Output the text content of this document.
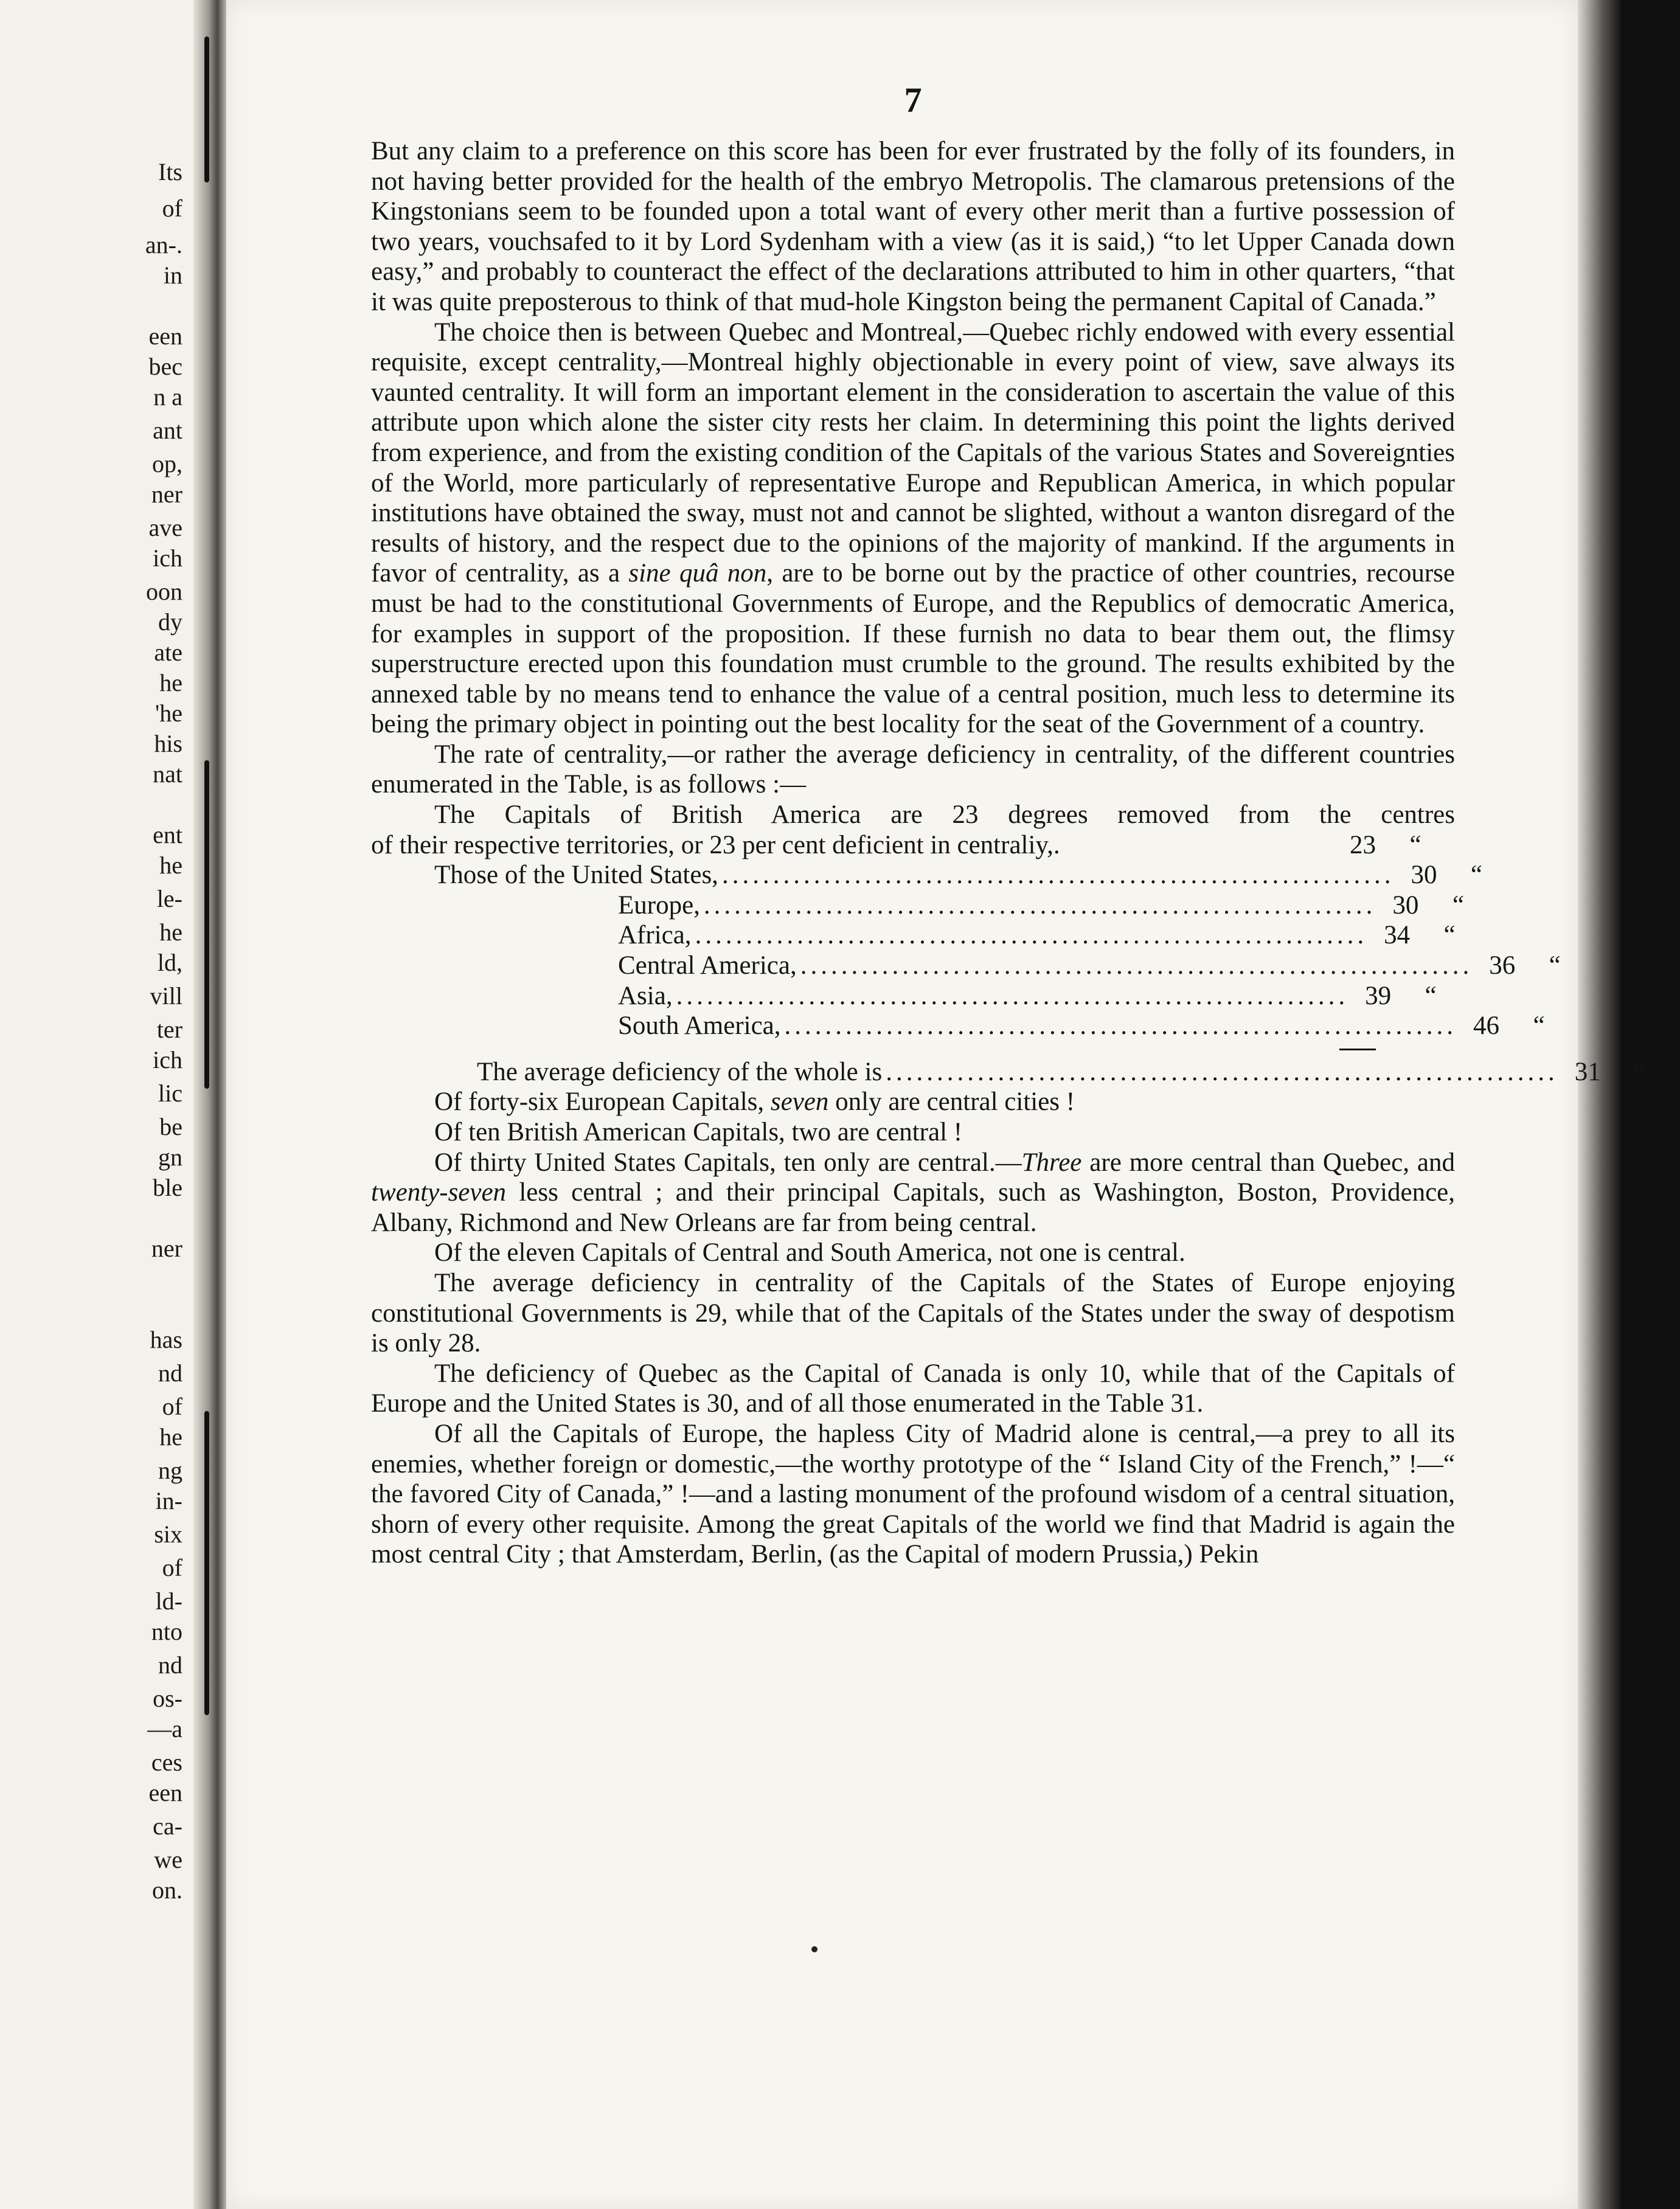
Its
of
an-.
in
een
bec
n a
ant
op,
ner
ave
ich
oon
dy
ate
he
'he
his
nat
ent
he
le-
he
ld,
vill
ter
ich
lic
be
gn
ble
ner
has
nd
of
he
ng
in-
six
of
ld-
nto
nd
os-
—a
ces
een
ca-
we
on.
7

But any claim to a preference on this score has been for ever frustrated by the folly of its founders, in not having better provided for the health of the embryo Metropolis. The clamarous pretensions of the Kingstonians seem to be founded upon a total want of every other merit than a furtive possession of two years, vouchsafed to it by Lord Sydenham with a view (as it is said,) “to let Upper Canada down easy,” and probably to counteract the effect of the declarations attributed to him in other quarters, “that it was quite preposterous to think of that mud-hole Kingston being the permanent Capital of Canada.”

The choice then is between Quebec and Montreal,—Quebec richly endowed with every essential requisite, except centrality,—Montreal highly objectionable in every point of view, save always its vaunted centrality. It will form an important element in the consideration to ascertain the value of this attribute upon which alone the sister city rests her claim. In determining this point the lights derived from experience, and from the existing condition of the Capitals of the various States and Sovereignties of the World, more particularly of representative Europe and Republican America, in which popular institutions have obtained the sway, must not and cannot be slighted, without a wanton disregard of the results of history, and the respect due to the opinions of the majority of mankind. If the arguments in favor of centrality, as a sine quâ non, are to be borne out by the practice of other countries, recourse must be had to the constitutional Governments of Europe, and the Republics of democratic America, for examples in support of the proposition. If these furnish no data to bear them out, the flimsy superstructure erected upon this foundation must crumble to the ground. The results exhibited by the annexed table by no means tend to enhance the value of a central position, much less to determine its being the primary object in pointing out the best locality for the seat of the Government of a country.

The rate of centrality,—or rather the average deficiency in centrality, of the different countries enumerated in the Table, is as follows :—

The Capitals of British America are 23 degrees removed from the centres
of their respective territories, or 23 per cent deficient in centraliy,.	23	“
Those of the United States, .................................................................. 30	“
Europe, .................................................................. 30	“
Africa, .................................................................. 34	“
Central America, .................................................................. 36	“
Asia, .................................................................. 39	“
South America, .................................................................. 46	“
The average deficiency of the whole is .................................................................. 31	“

Of forty-six European Capitals, seven only are central cities !

Of ten British American Capitals, two are central !

Of thirty United States Capitals, ten only are central.—Three are more central than Quebec, and twenty-seven less central ; and their principal Capitals, such as Washington, Boston, Providence, Albany, Richmond and New Orleans are far from being central.

Of the eleven Capitals of Central and South America, not one is central.

The average deficiency in centrality of the Capitals of the States of Europe enjoying constitutional Governments is 29, while that of the Capitals of the States under the sway of despotism is only 28.

The deficiency of Quebec as the Capital of Canada is only 10, while that of the Capitals of Europe and the United States is 30, and of all those enumerated in the Table 31.

Of all the Capitals of Europe, the hapless City of Madrid alone is central,—a prey to all its enemies, whether foreign or domestic,—the worthy prototype of the “ Island City of the French,” !—“ the favored City of Canada,” !—and a lasting monument of the profound wisdom of a central situation, shorn of every other requisite. Among the great Capitals of the world we find that Madrid is again the most central City ; that Amsterdam, Berlin, (as the Capital of modern Prussia,) Pekin
